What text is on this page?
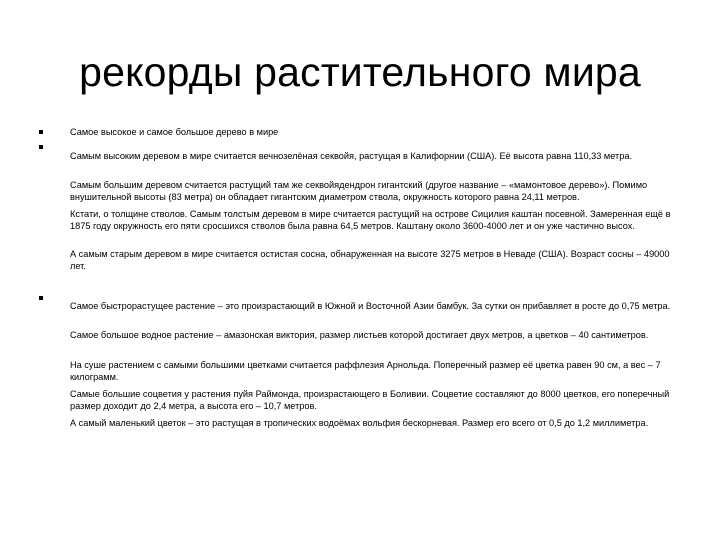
рекорды растительного мира

Самое высокое и самое большое дерево в мире

Самым высоким деревом в мире считается вечнозелёная секвойя, растущая в Калифорнии (США). Её высота равна 110,33 метра.

Самым большим деревом считается растущий там же секвойядендрон гигантский (другое название – «мамонтовое дерево»). Помимо внушительной высоты (83 метра) он обладает гигантским диаметром ствола, окружность которого равна 24,11 метров.

Кстати, о толщине стволов. Самым толстым деревом в мире считается растущий на острове Сицилия каштан посевной. Замеренная ещё в 1875 году окружность его пяти сросшихся стволов была равна 64,5 метров. Каштану около 3600-4000 лет и он уже частично высох.

А самым старым деревом в мире считается остистая сосна, обнаруженная на высоте 3275 метров в Неваде (США). Возраст сосны – 49000 лет.

Самое быстрорастущее растение – это произрастающий в Южной и Восточной Азии бамбук. За сутки он прибавляет в росте до 0,75 метра.

Самое большое водное растение – амазонская виктория, размер листьев которой достигает двух метров, а цветков – 40 сантиметров.

На суше растением с самыми большими цветками считается раффлезия Арнольда. Поперечный размер её цветка равен 90 см, а вес – 7 килограмм.

Самые большие соцветия у растения пуйя Раймонда, произрастающего в Боливии. Соцветие составляют до 8000 цветков, его поперечный размер доходит до 2,4 метра, а высота его – 10,7 метров.

А самый маленький цветок – это растущая в тропических водоёмах вольфия бескорневая. Размер его всего от 0,5 до 1,2 миллиметра.
